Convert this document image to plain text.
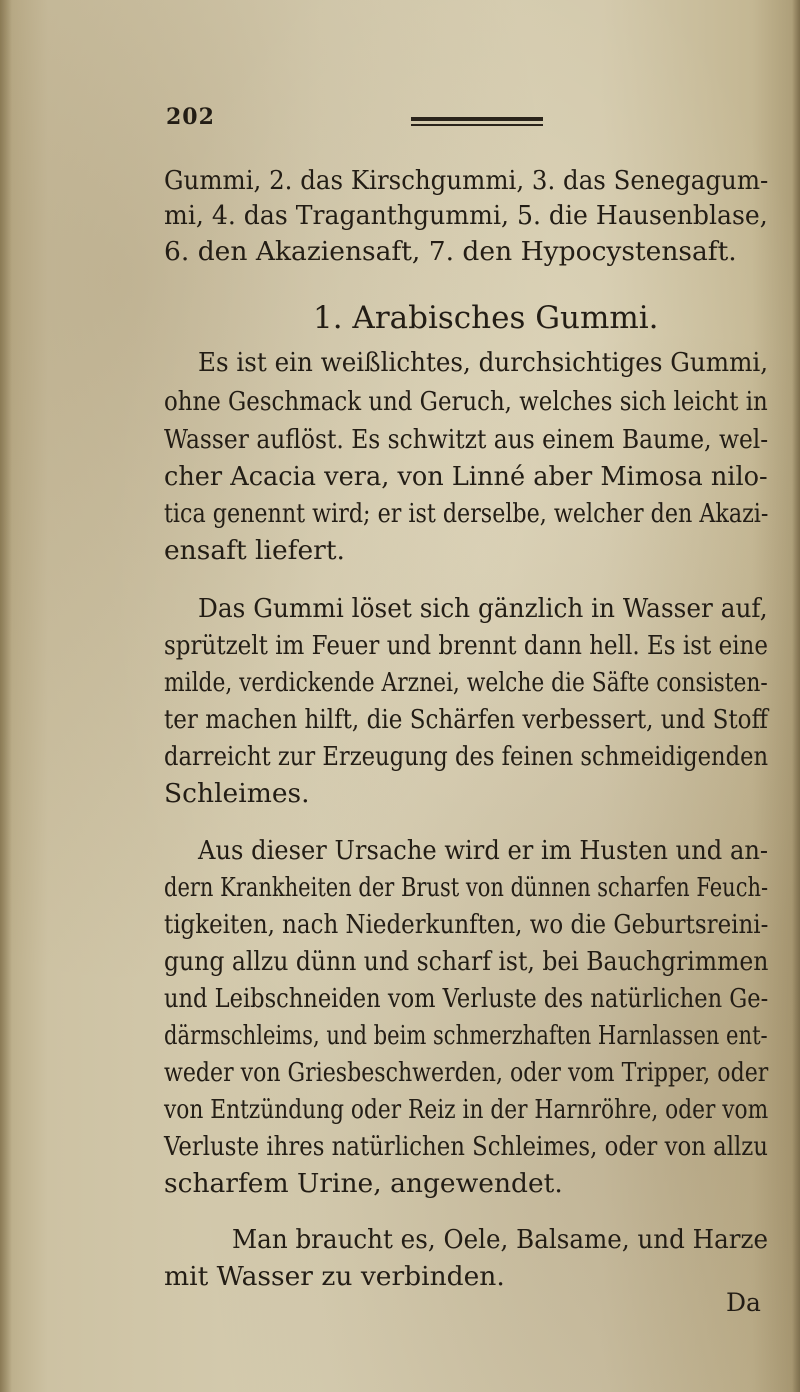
202
Gummi, 2. das Kirschgummi, 3. das Senegagum-
mi, 4. das Traganthgummi, 5. die Hausenblase,
6. den Akaziensaft, 7. den Hypocystensaft.
Es ist ein weißlichtes, durchsichtiges Gummi,
ohne Geschmack und Geruch, welches sich leicht in
Wasser auflöst. Es schwitzt aus einem Baume, wel-
cher Acacia vera, von Linné aber Mimosa nilo-
tica genennt wird; er ist derselbe, welcher den Akazi-
ensaft liefert.
Das Gummi löset sich gänzlich in Wasser auf,
sprützelt im Feuer und brennt dann hell. Es ist eine
milde, verdickende Arznei, welche die Säfte consisten-
ter machen hilft, die Schärfen verbessert, und Stoff
darreicht zur Erzeugung des feinen schmeidigenden
Schleimes.
Aus dieser Ursache wird er im Husten und an-
dern Krankheiten der Brust von dünnen scharfen Feuch-
tigkeiten, nach Niederkunften, wo die Geburtsreini-
gung allzu dünn und scharf ist, bei Bauchgrimmen
und Leibschneiden vom Verluste des natürlichen Ge-
därmschleims, und beim schmerzhaften Harnlassen ent-
weder von Griesbeschwerden, oder vom Tripper, oder
von Entzündung oder Reiz in der Harnröhre, oder vom
Verluste ihres natürlichen Schleimes, oder von allzu
scharfem Urine, angewendet.
Man braucht es, Oele, Balsame, und Harze
mit Wasser zu verbinden.
1. Arabisches Gummi.
Da
